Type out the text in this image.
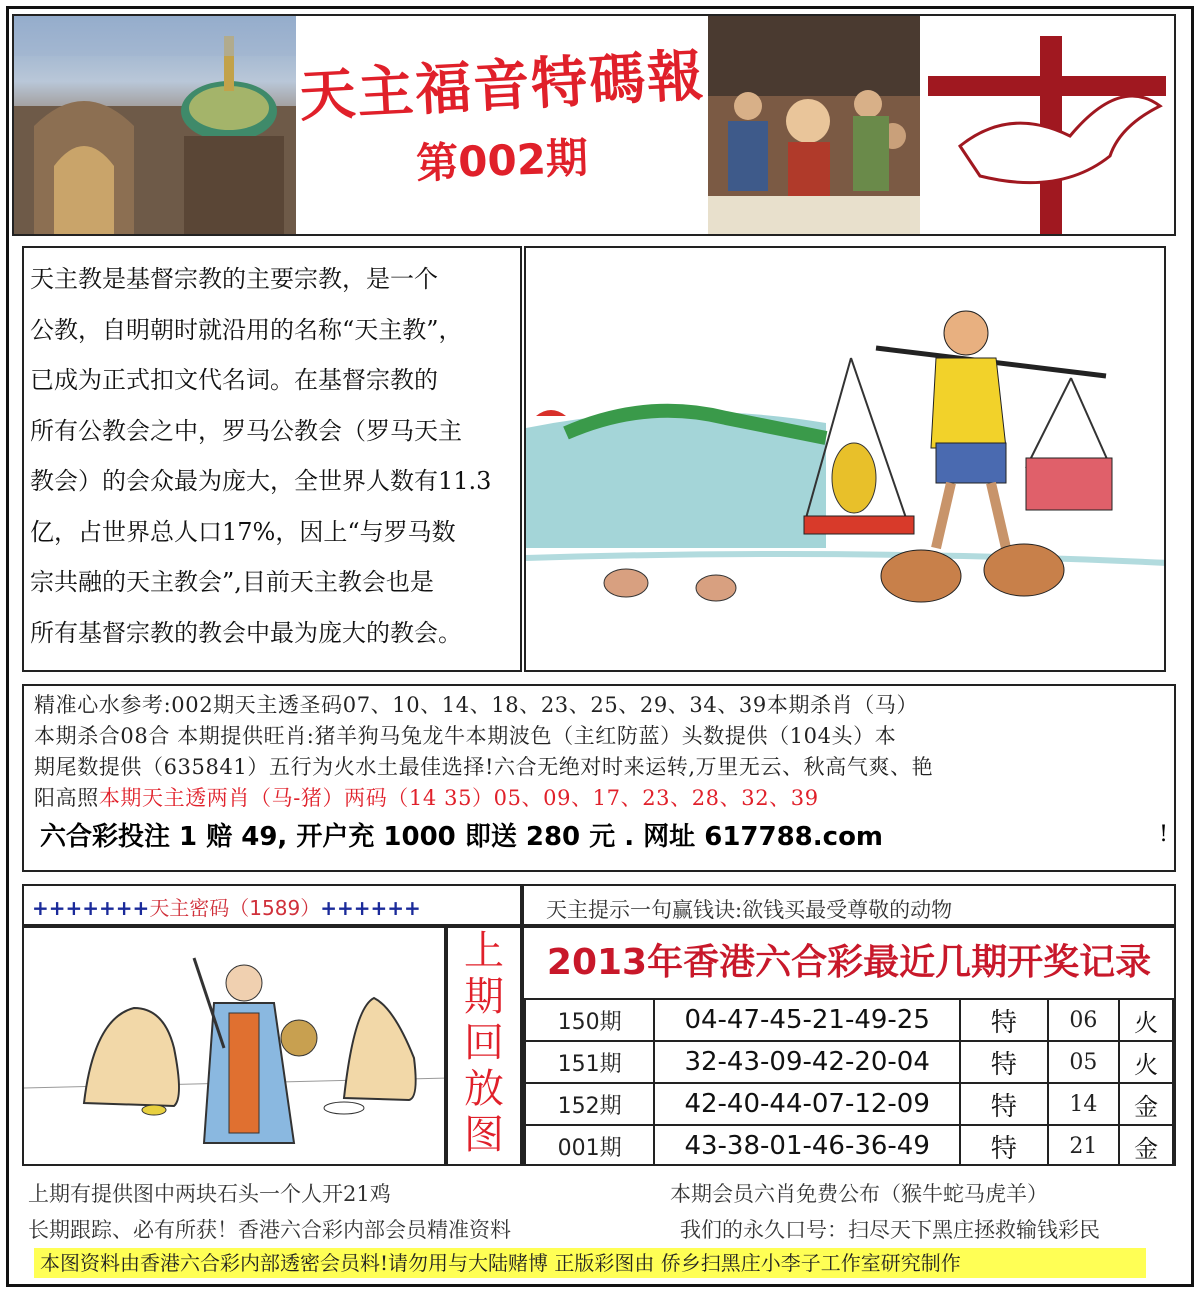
天主福音特碼報
第002期

天主教是基督宗教的主要宗教，是一个

公教，自明朝时就沿用的名称“天主教”，

已成为正式扣文代名词。在基督宗教的

所有公教会之中，罗马公教会（罗马天主

教会）的会众最为庞大，全世界人数有11.3

亿，占世界总人口17%，因上“与罗马数

宗共融的天主教会”,目前天主教会也是

所有基督宗教的教会中最为庞大的教会。

精准心水参考:002期天主透圣码07、10、14、18、23、25、29、34、39本期杀肖（马）
本期杀合08合 本期提供旺肖:猪羊狗马兔龙牛本期波色（主红防蓝）头数提供（104头）本
期尾数提供（635841）五行为火水土最佳选择!六合无绝对时来运转,万里无云、秋高气爽、艳
阳高照本期天主透两肖（马-猪）两码（14 35）05、09、17、23、28、32、39
六合彩投注 1 赔 49, 开户充 1000 即送 280 元 . 网址 617788.com	!
+++++++天主密码（1589）++++++	天主提示一句赢钱诀:欲钱买最受尊敬的动物
上
期
回
放
图
2013年香港六合彩最近几期开奖记录
150期	04-47-45-21-49-25	特	06	火
151期	32-43-09-42-20-04	特	05	火
152期	42-40-44-07-12-09	特	14	金
001期	43-38-01-46-36-49	特	21	金
上期有提供图中两块石头一个人开21鸡	本期会员六肖免费公布（猴牛蛇马虎羊）
长期跟踪、必有所获！香港六合彩内部会员精准资料	我们的永久口号：扫尽天下黑庄拯救输钱彩民
本图资料由香港六合彩内部透密会员料!请勿用与大陆赌博 正版彩图由 侨乡扫黑庄小李子工作室研究制作
